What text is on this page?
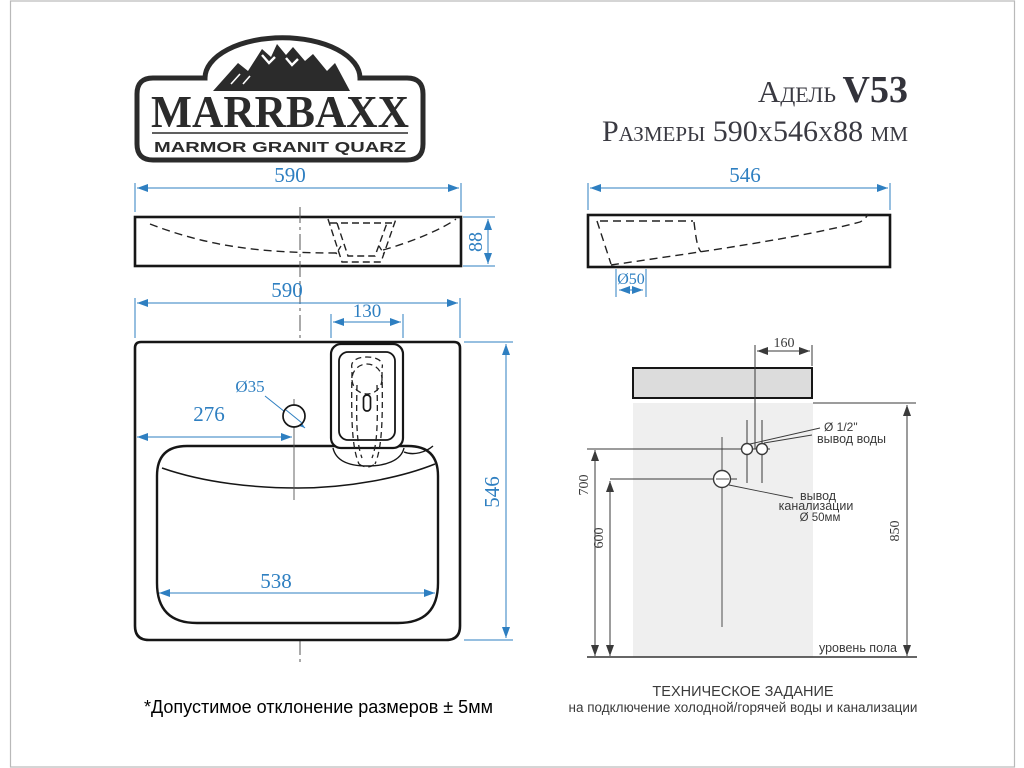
MARRBAXX
MARMOR GRANIT QUARZ
Адель V53
Размеры 590х546х88 мм
590
88
546
Ø50
590
130
Ø35
276
538
546
160
Ø 1/2"
вывод воды
вывод
канализации
Ø 50мм
700
600	850
уровень пола
ТЕХНИЧЕСКОЕ ЗАДАНИЕ
на подключение холодной/горячей воды и канализации
*Допустимое отклонение размеров ± 5мм
